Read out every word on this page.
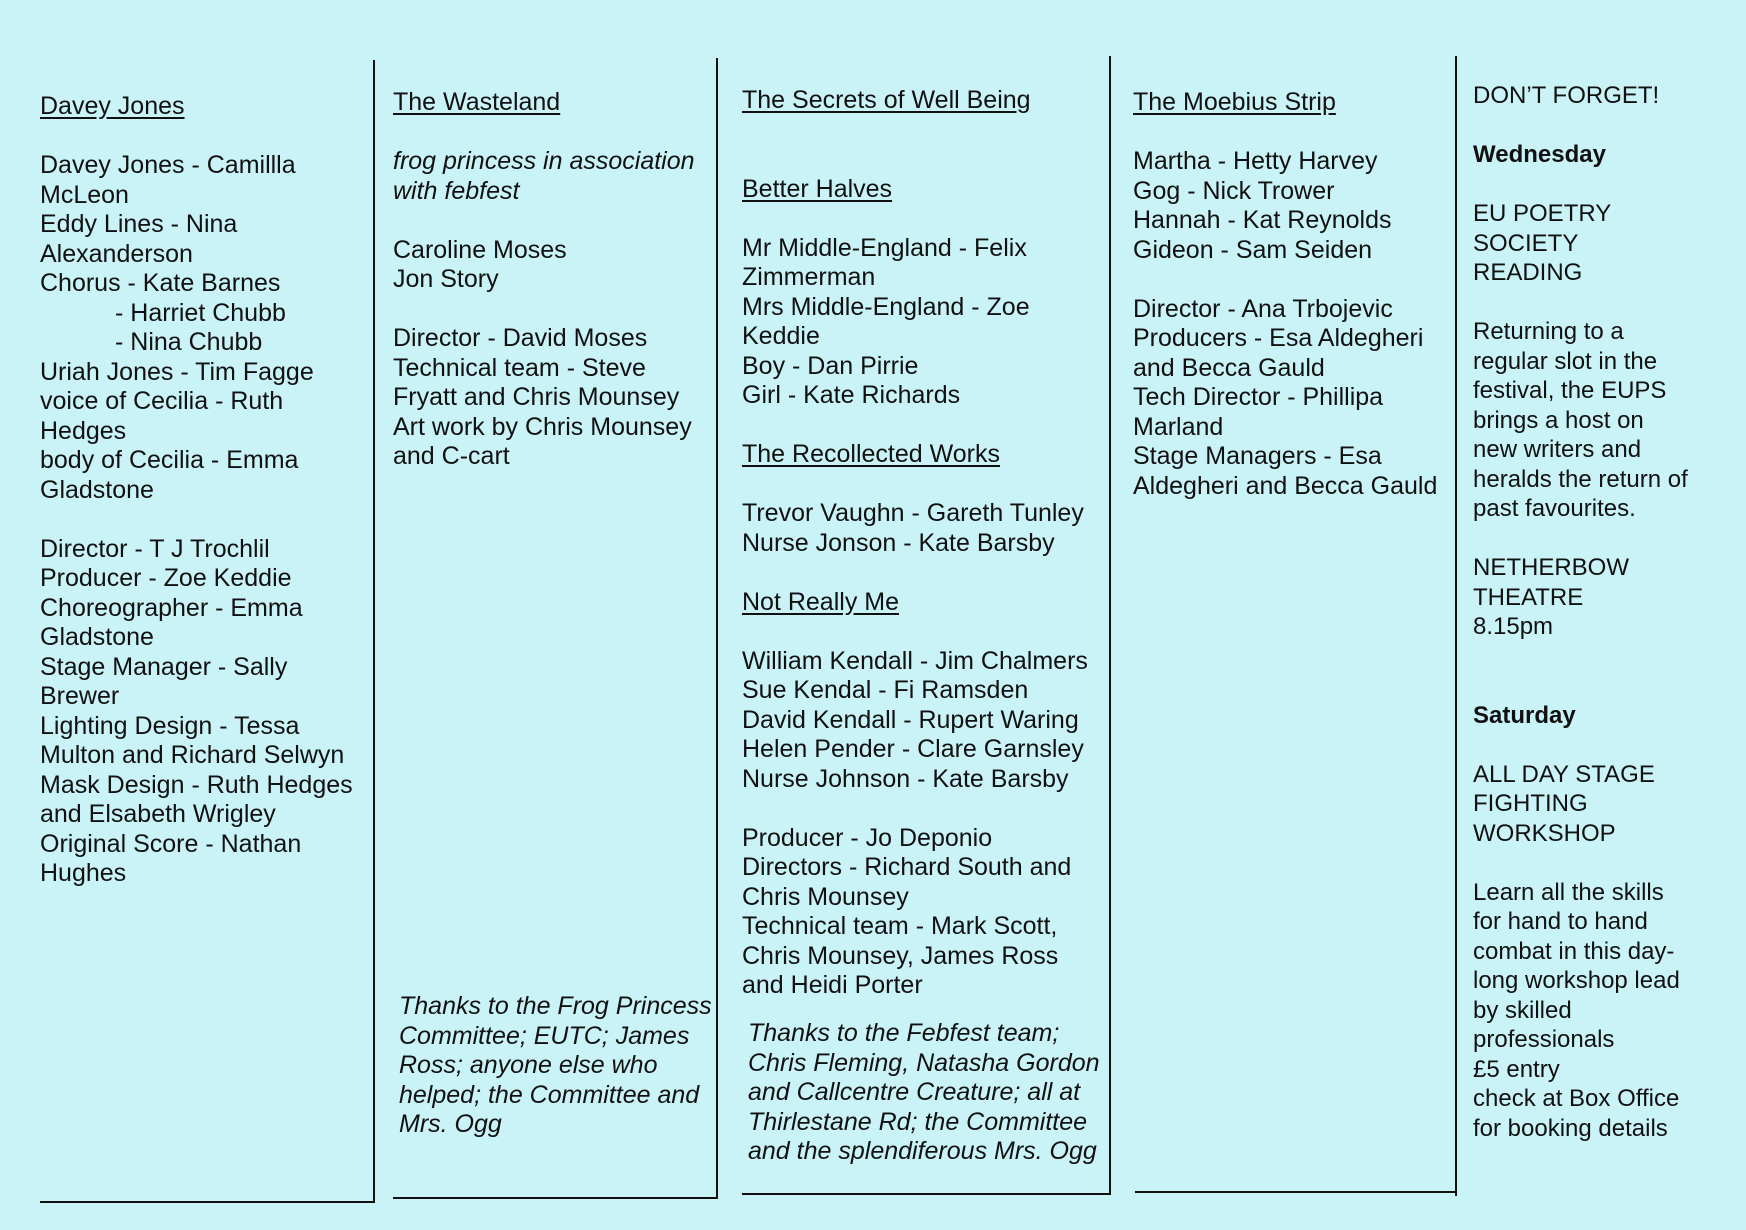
Davey Jones

Davey Jones - Camillla

McLeon

Eddy Lines - Nina

Alexanderson

Chorus - Kate Barnes

- Harriet Chubb

- Nina Chubb

Uriah Jones - Tim Fagge

voice of Cecilia - Ruth

Hedges

body of Cecilia - Emma

Gladstone

Director - T J Trochlil

Producer - Zoe Keddie

Choreographer - Emma

Gladstone

Stage Manager - Sally

Brewer

Lighting Design - Tessa

Multon and Richard Selwyn

Mask Design - Ruth Hedges

and Elsabeth Wrigley

Original Score - Nathan

Hughes

The Wasteland

frog princess in association

with febfest

Caroline Moses

Jon Story

Director - David Moses

Technical team - Steve

Fryatt and Chris Mounsey

Art work by Chris Mounsey

and C-cart

Thanks to the Frog Princess

Committee; EUTC; James

Ross; anyone else who

helped; the Committee and

Mrs. Ogg

The Secrets of Well Being

Better Halves

Mr Middle-England - Felix

Zimmerman

Mrs Middle-England - Zoe

Keddie

Boy - Dan Pirrie

Girl - Kate Richards

The Recollected Works

Trevor Vaughn - Gareth Tunley

Nurse Jonson - Kate Barsby

Not Really Me

William Kendall - Jim Chalmers

Sue Kendal - Fi Ramsden

David Kendall - Rupert Waring

Helen Pender - Clare Garnsley

Nurse Johnson - Kate Barsby

Producer - Jo Deponio

Directors - Richard South and

Chris Mounsey

Technical team - Mark Scott,

Chris Mounsey, James Ross

and Heidi Porter

Thanks to the Febfest team;

Chris Fleming, Natasha Gordon

and Callcentre Creature; all at

Thirlestane Rd; the Committee

and the splendiferous Mrs. Ogg

The Moebius Strip

Martha - Hetty Harvey

Gog - Nick Trower

Hannah - Kat Reynolds

Gideon - Sam Seiden

Director - Ana Trbojevic

Producers - Esa Aldegheri

and Becca Gauld

Tech Director - Phillipa

Marland

Stage Managers - Esa

Aldegheri and Becca Gauld

DON’T FORGET!

Wednesday

EU POETRY

SOCIETY

READING

Returning to a

regular slot in the

festival, the EUPS

brings a host on

new writers and

heralds the return of

past favourites.

NETHERBOW

THEATRE

8.15pm

Saturday

ALL DAY STAGE

FIGHTING

WORKSHOP

Learn all the skills

for hand to hand

combat in this day-

long workshop lead

by skilled

professionals

£5 entry

check at Box Office

for booking details
